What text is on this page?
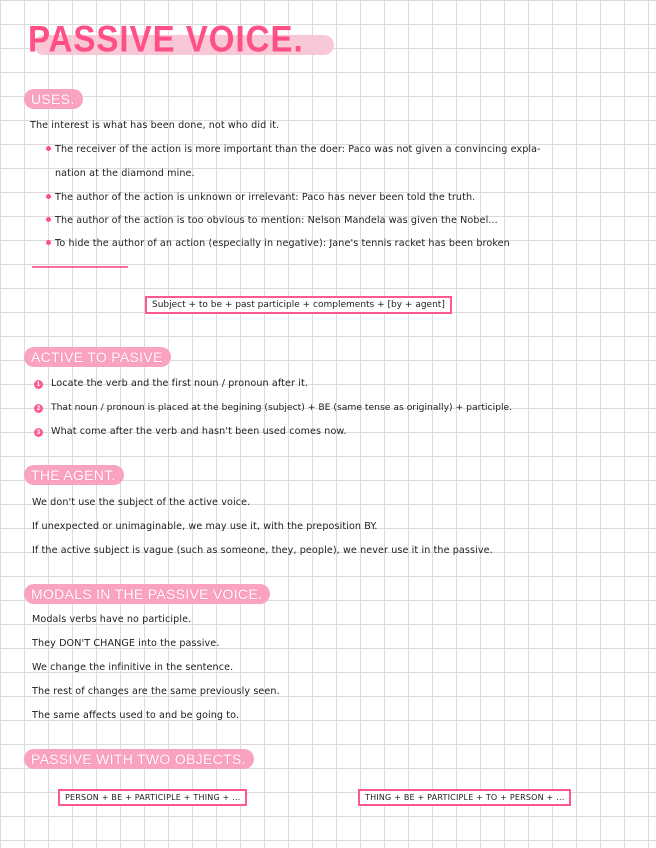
PASSIVE VOICE.
USES.
The interest is what has been done, not who did it.
The receiver of the action is more important than the doer: Paco was not given a convincing expla-
nation at the diamond mine.
The author of the action is unknown or irrelevant: Paco has never been told the truth.
The author of the action is too obvious to mention: Nelson Mandela was given the Nobel...
To hide the author of an action (especially in negative): Jane's tennis racket has been broken
Subject + to be + past participle + complements + [by + agent]
ACTIVE TO PASIVE
1 Locate the verb and the first noun / pronoun after it.
2 That noun / pronoun is placed at the begining (subject) + BE (same tense as originally) + participle.
3 What come after the verb and hasn't been used comes now.
THE AGENT.
We don't use the subject of the active voice.
If unexpected or unimaginable, we may use it, with the preposition BY.
If the active subject is vague (such as someone, they, people), we never use it in the passive.
MODALS IN THE PASSIVE VOICE.
Modals verbs have no participle.
They DON'T CHANGE into the passive.
We change the infinitive in the sentence.
The rest of changes are the same previously seen.
The same affects used to and be going to.
PASSIVE WITH TWO OBJECTS.
PERSON + BE + PARTICIPLE + THING + ...	THING + BE + PARTICIPLE + TO + PERSON + ...
